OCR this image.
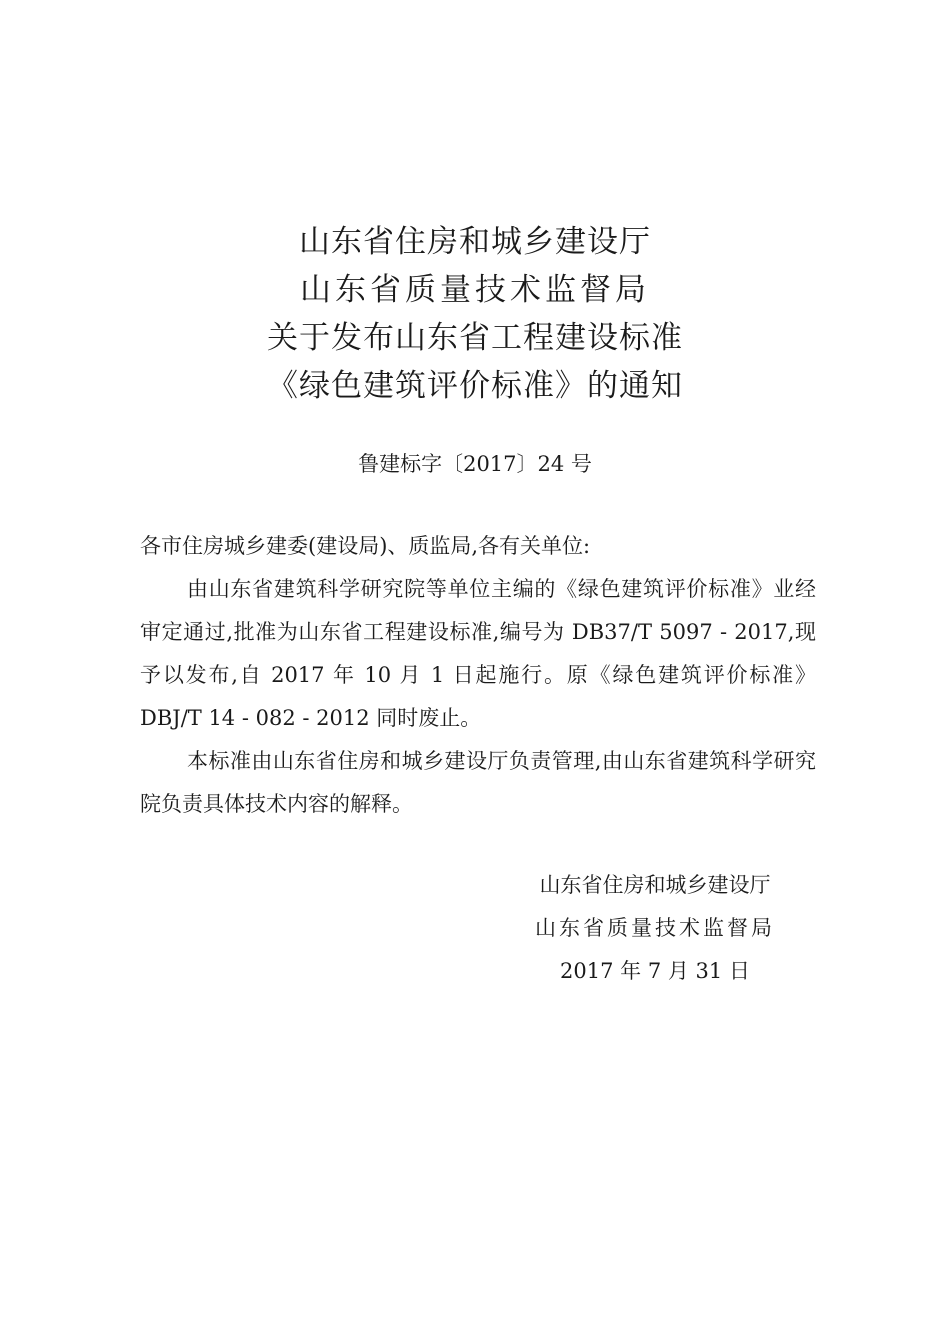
山东省住房和城乡建设厅
山东省质量技术监督局
关于发布山东省工程建设标准
《绿色建筑评价标准》的通知
鲁建标字〔2017〕24 号

各市住房城乡建委(建设局)、质监局,各有关单位:

由山东省建筑科学研究院等单位主编的《绿色建筑评价标准》业经审定通过,批准为山东省工程建设标准,编号为 DB37/T 5097 - 2017,现予以发布,自 2017 年 10 月 1 日起施行。原《绿色建筑评价标准》DBJ/T 14 - 082 - 2012 同时废止。

本标准由山东省住房和城乡建设厅负责管理,由山东省建筑科学研究院负责具体技术内容的解释。

山东省住房和城乡建设厅
山东省质量技术监督局
2017 年 7 月 31 日
